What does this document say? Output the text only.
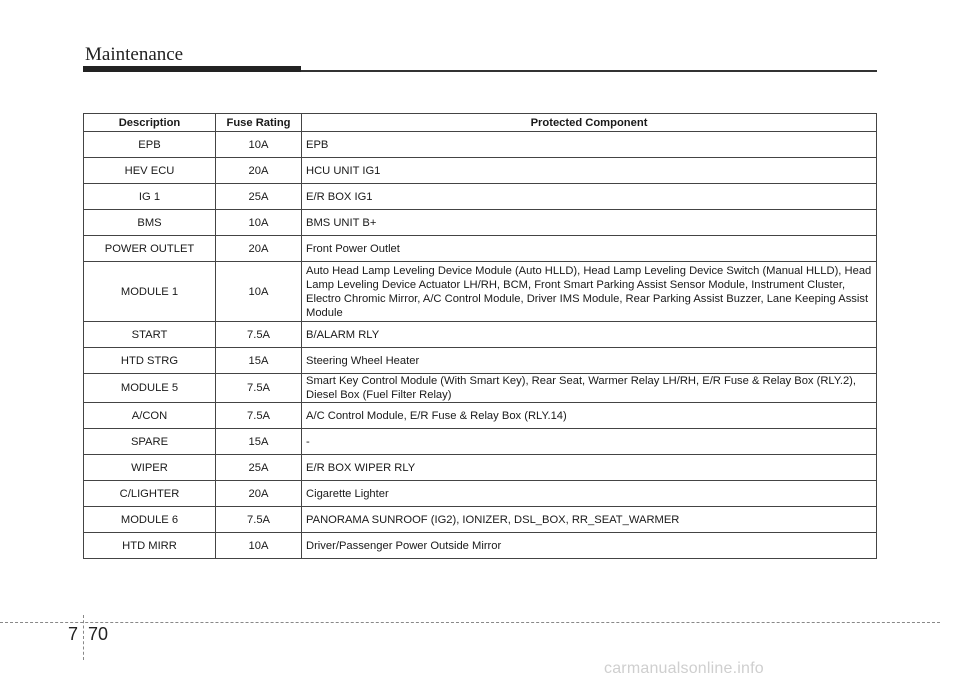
Maintenance
Description	Fuse Rating	Protected Component
EPB	10A	EPB
HEV ECU	20A	HCU UNIT IG1
IG 1	25A	E/R BOX IG1
BMS	10A	BMS UNIT B+
POWER OUTLET	20A	Front Power Outlet
MODULE 1	10A	Auto Head Lamp Leveling Device Module (Auto HLLD), Head Lamp Leveling Device Switch (Manual HLLD), Head Lamp Leveling Device Actuator LH/RH, BCM, Front Smart Parking Assist Sensor Module, Instrument Cluster, Electro Chromic Mirror, A/C Control Module, Driver IMS Module, Rear Parking Assist Buzzer, Lane Keeping Assist Module
START	7.5A	B/ALARM RLY
HTD STRG	15A	Steering Wheel Heater
MODULE 5	7.5A	Smart Key Control Module (With Smart Key), Rear Seat, Warmer Relay LH/RH, E/R Fuse & Relay Box (RLY.2), Diesel Box (Fuel Filter Relay)
A/CON	7.5A	A/C Control Module, E/R Fuse & Relay Box (RLY.14)
SPARE	15A	-
WIPER	25A	E/R BOX WIPER RLY
C/LIGHTER	20A	Cigarette Lighter
MODULE 6	7.5A	PANORAMA SUNROOF (IG2), IONIZER, DSL_BOX, RR_SEAT_WARMER
HTD MIRR	10A	Driver/Passenger Power Outside Mirror
7 70
carmanualsonline.info
